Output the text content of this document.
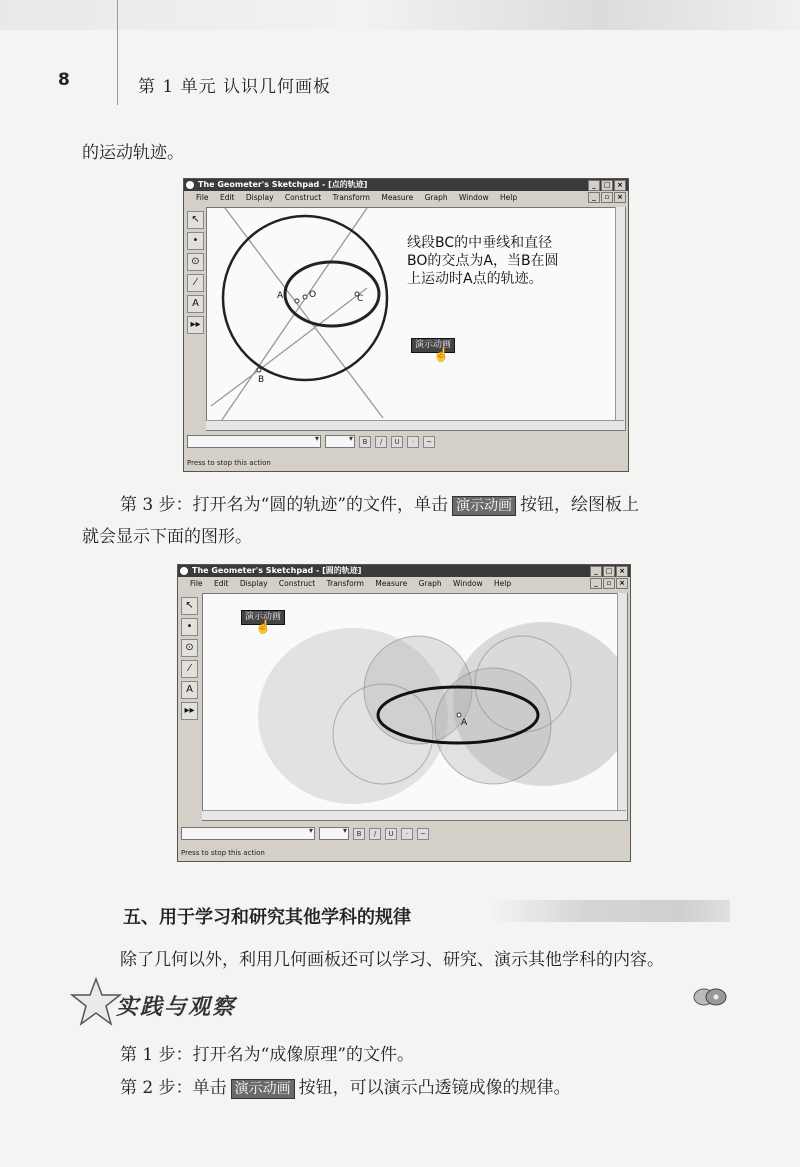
8	第 1 单元 认识几何画板
的运动轨迹。
The Geometer's Sketchpad - [点的轨迹]	_	□ ×
File Edit Display Construct Transform Measure Graph Window Help	_	▫	×
↖
•
⊙
⁄
A
▸▸
A	O	C
B
线段BC的中垂线和直径
BO的交点为A，当B在圆
上运动时A点的轨迹。
演示动画
☝
▾
▾
B	/	U	·	~
Press to stop this action
第 3 步：打开名为“圆的轨迹”的文件，单击 演示动画 按钮，绘图板上
就会显示下面的图形。
The Geometer's Sketchpad - [圆的轨迹]	_	□ ×
File Edit Display Construct Transform Measure Graph Window Help	_	▫	×
↖
•
⊙
⁄
A
▸▸
A
演示动画
☝
▾
▾
B	/	U	·	~
Press to stop this action
五、用于学习和研究其他学科的规律
除了几何以外，利用几何画板还可以学习、研究、演示其他学科的内容。
实践与观察
第 1 步：打开名为“成像原理”的文件。
第 2 步：单击 演示动画 按钮，可以演示凸透镜成像的规律。
